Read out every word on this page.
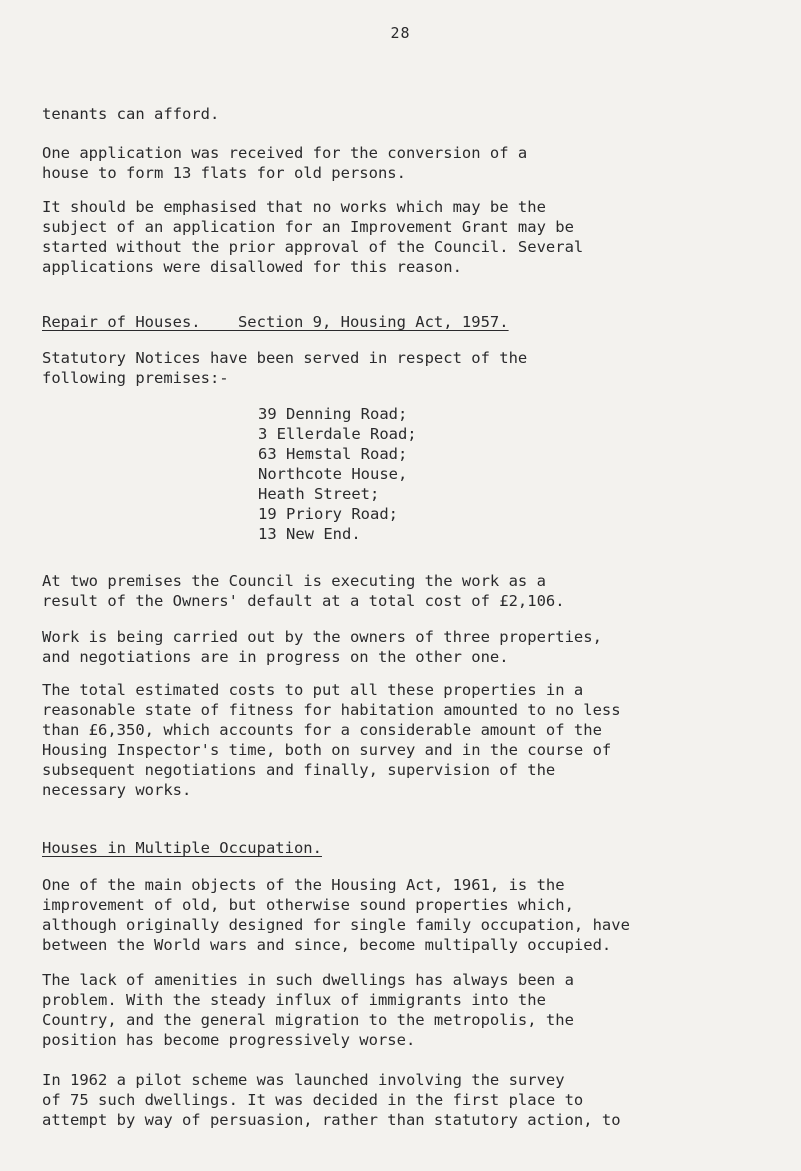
28

tenants can afford.

One application was received for the conversion of a
house to form 13 flats for old persons.

It should be emphasised that no works which may be the
subject of an application for an Improvement Grant may be
started without the prior approval of the Council. Several
applications were disallowed for this reason.

Repair of Houses.    Section 9, Housing Act, 1957.

Statutory Notices have been served in respect of the
following premises:-

39 Denning Road;
3 Ellerdale Road;
63 Hemstal Road;
Northcote House,
Heath Street;
19 Priory Road;
13 New End.

At two premises the Council is executing the work as a
result of the Owners' default at a total cost of £2,106.

Work is being carried out by the owners of three properties,
and negotiations are in progress on the other one.

The total estimated costs to put all these properties in a
reasonable state of fitness for habitation amounted to no less
than £6,350, which accounts for a considerable amount of the
Housing Inspector's time, both on survey and in the course of
subsequent negotiations and finally, supervision of the
necessary works.

Houses in Multiple Occupation.

One of the main objects of the Housing Act, 1961, is the
improvement of old, but otherwise sound properties which,
although originally designed for single family occupation, have
between the World wars and since, become multipally occupied.

The lack of amenities in such dwellings has always been a
problem. With the steady influx of immigrants into the
Country, and the general migration to the metropolis, the
position has become progressively worse.

In 1962 a pilot scheme was launched involving the survey
of 75 such dwellings. It was decided in the first place to
attempt by way of persuasion, rather than statutory action, to
